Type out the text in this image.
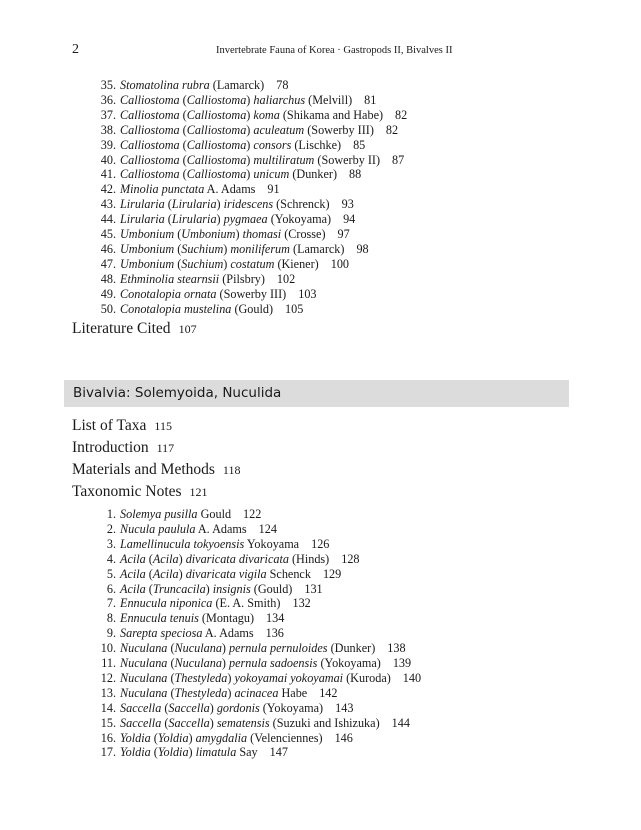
2	Invertebrate Fauna of Korea · Gastropods II, Bivalves II
35. Stomatolina rubra (Lamarck) 78
36. Calliostoma (Calliostoma) haliarchus (Melvill) 81
37. Calliostoma (Calliostoma) koma (Shikama and Habe) 82
38. Calliostoma (Calliostoma) aculeatum (Sowerby III) 82
39. Calliostoma (Calliostoma) consors (Lischke) 85
40. Calliostoma (Calliostoma) multiliratum (Sowerby II) 87
41. Calliostoma (Calliostoma) unicum (Dunker) 88
42. Minolia punctata A. Adams 91
43. Lirularia (Lirularia) iridescens (Schrenck) 93
44. Lirularia (Lirularia) pygmaea (Yokoyama) 94
45. Umbonium (Umbonium) thomasi (Crosse) 97
46. Umbonium (Suchium) moniliferum (Lamarck) 98
47. Umbonium (Suchium) costatum (Kiener) 100
48. Ethminolia stearnsii (Pilsbry) 102
49. Conotalopia ornata (Sowerby III) 103
50. Conotalopia mustelina (Gould) 105
Literature Cited 107
Bivalvia: Solemyoida, Nuculida
List of Taxa 115
Introduction 117
Materials and Methods 118
Taxonomic Notes 121
1. Solemya pusilla Gould 122
2. Nucula paulula A. Adams 124
3. Lamellinucula tokyoensis Yokoyama 126
4. Acila (Acila) divaricata divaricata (Hinds) 128
5. Acila (Acila) divaricata vigila Schenck 129
6. Acila (Truncacila) insignis (Gould) 131
7. Ennucula niponica (E. A. Smith) 132
8. Ennucula tenuis (Montagu) 134
9. Sarepta speciosa A. Adams 136
10. Nuculana (Nuculana) pernula pernuloides (Dunker) 138
11. Nuculana (Nuculana) pernula sadoensis (Yokoyama) 139
12. Nuculana (Thestyleda) yokoyamai yokoyamai (Kuroda) 140
13. Nuculana (Thestyleda) acinacea Habe 142
14. Saccella (Saccella) gordonis (Yokoyama) 143
15. Saccella (Saccella) sematensis (Suzuki and Ishizuka) 144
16. Yoldia (Yoldia) amygdalia (Velenciennes) 146
17. Yoldia (Yoldia) limatula Say 147
